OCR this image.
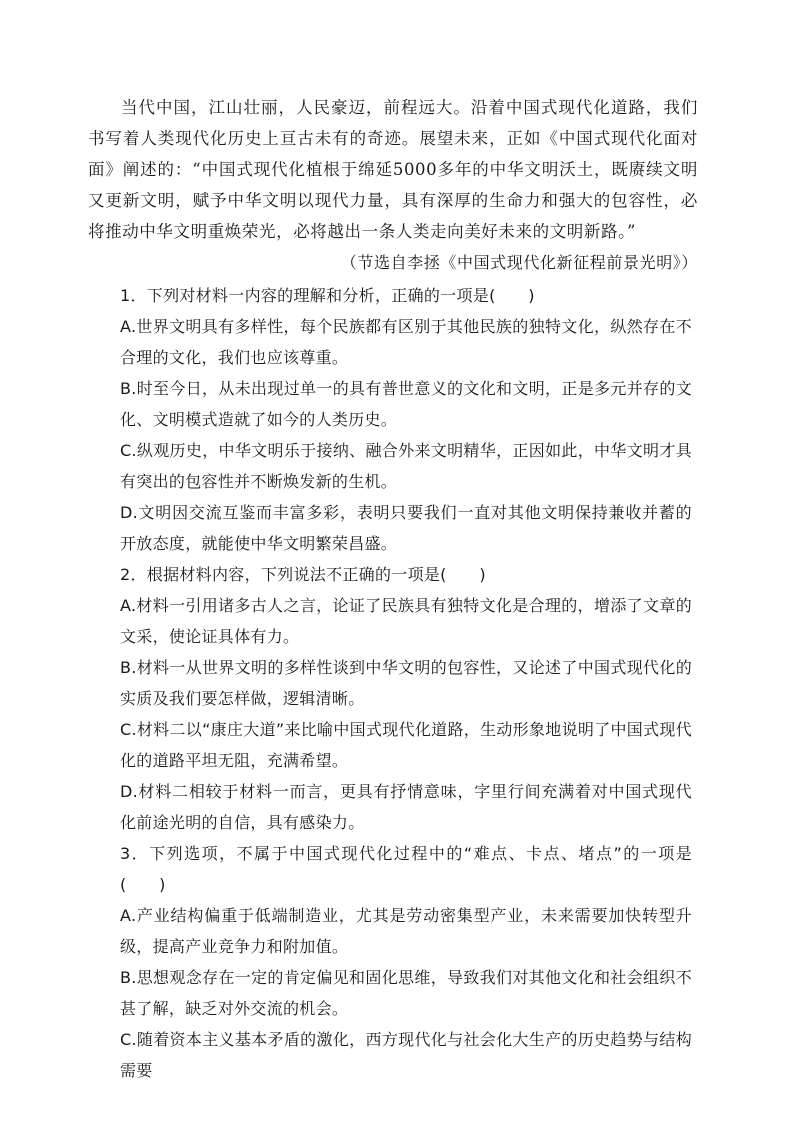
当代中国，江山壮丽，人民豪迈，前程远大。沿着中国式现代化道路，我们书写着人类现代化历史上亘古未有的奇迹。展望未来，正如《中国式现代化面对面》阐述的：“中国式现代化植根于绵延5000多年的中华文明沃土，既赓续文明又更新文明，赋予中华文明以现代力量，具有深厚的生命力和强大的包容性，必将推动中华文明重焕荣光，必将越出一条人类走向美好未来的文明新路。”

（节选自李拯《中国式现代化新征程前景光明》）

1．下列对材料一内容的理解和分析，正确的一项是(　　)

A.世界文明具有多样性，每个民族都有区别于其他民族的独特文化，纵然存在不合理的文化，我们也应该尊重。

B.时至今日，从未出现过单一的具有普世意义的文化和文明，正是多元并存的文化、文明模式造就了如今的人类历史。

C.纵观历史，中华文明乐于接纳、融合外来文明精华，正因如此，中华文明才具有突出的包容性并不断焕发新的生机。

D.文明因交流互鉴而丰富多彩，表明只要我们一直对其他文明保持兼收并蓄的开放态度，就能使中华文明繁荣昌盛。

2．根据材料内容，下列说法不正确的一项是(　　)

A.材料一引用诸多古人之言，论证了民族具有独特文化是合理的，增添了文章的文采，使论证具体有力。

B.材料一从世界文明的多样性谈到中华文明的包容性，又论述了中国式现代化的实质及我们要怎样做，逻辑清晰。

C.材料二以“康庄大道”来比喻中国式现代化道路，生动形象地说明了中国式现代化的道路平坦无阻，充满希望。

D.材料二相较于材料一而言，更具有抒情意味，字里行间充满着对中国式现代化前途光明的自信，具有感染力。

3．下列选项，不属于中国式现代化过程中的“难点、卡点、堵点”的一项是(　　)

A.产业结构偏重于低端制造业，尤其是劳动密集型产业，未来需要加快转型升级，提高产业竞争力和附加值。

B.思想观念存在一定的肯定偏见和固化思维，导致我们对其他文化和社会组织不甚了解，缺乏对外交流的机会。

C.随着资本主义基本矛盾的激化，西方现代化与社会化大生产的历史趋势与结构需要
